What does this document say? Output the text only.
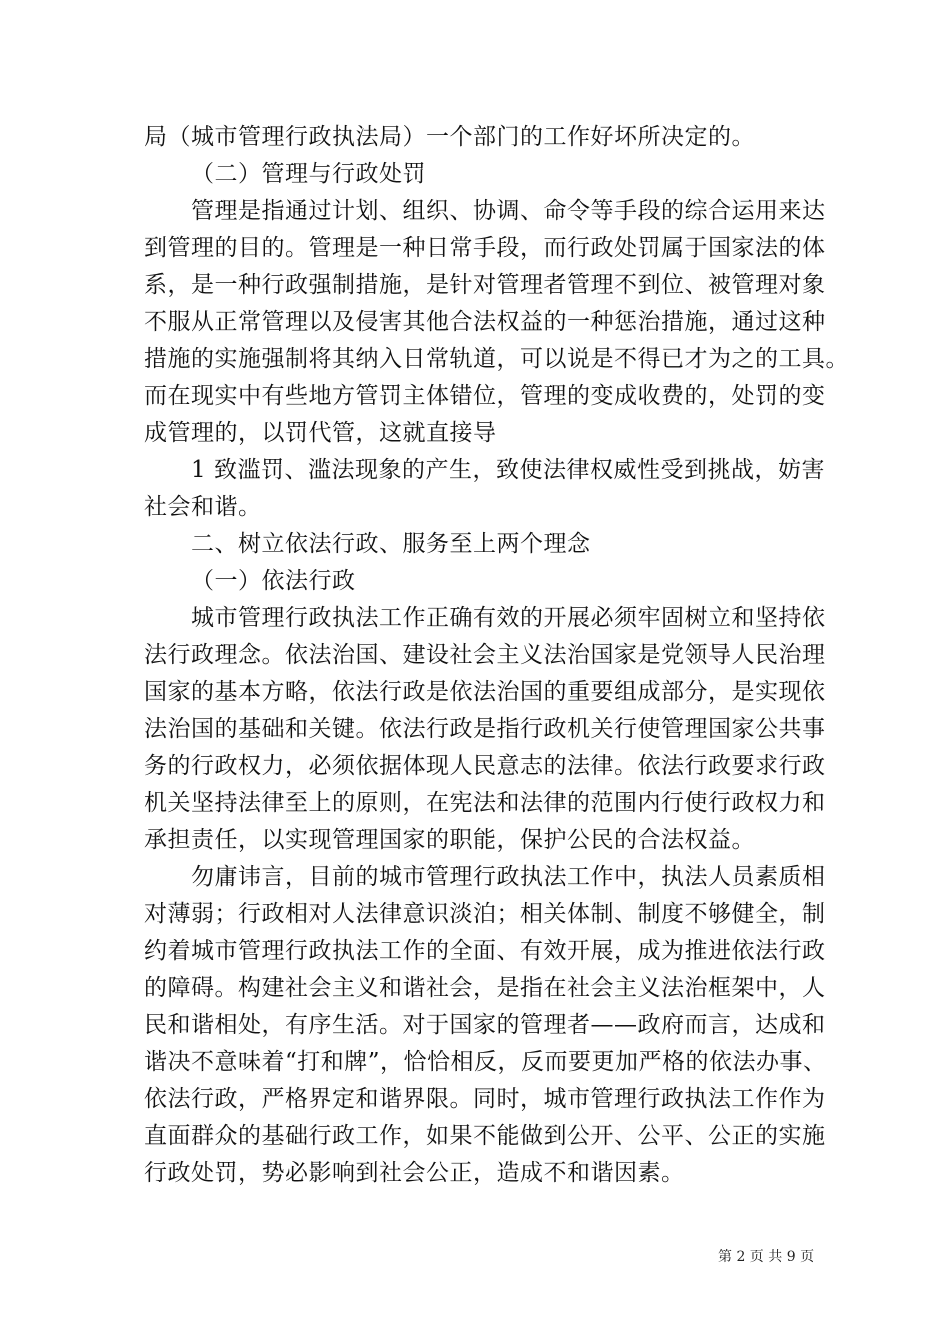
局（城市管理行政执法局）一个部门的工作好坏所决定的。
（二）管理与行政处罚
管理是指通过计划、组织、协调、命令等手段的综合运用来达
到管理的目的。管理是一种日常手段，而行政处罚属于国家法的体
系，是一种行政强制措施，是针对管理者管理不到位、被管理对象
不服从正常管理以及侵害其他合法权益的一种惩治措施，通过这种
措施的实施强制将其纳入日常轨道，可以说是不得已才为之的工具。
而在现实中有些地方管罚主体错位，管理的变成收费的，处罚的变
成管理的，以罚代管，这就直接导
1 致滥罚、滥法现象的产生，致使法律权威性受到挑战，妨害
社会和谐。
二、树立依法行政、服务至上两个理念
（一）依法行政
城市管理行政执法工作正确有效的开展必须牢固树立和坚持依
法行政理念。依法治国、建设社会主义法治国家是党领导人民治理
国家的基本方略，依法行政是依法治国的重要组成部分，是实现依
法治国的基础和关键。依法行政是指行政机关行使管理国家公共事
务的行政权力，必须依据体现人民意志的法律。依法行政要求行政
机关坚持法律至上的原则，在宪法和法律的范围内行使行政权力和
承担责任，以实现管理国家的职能，保护公民的合法权益。
勿庸讳言，目前的城市管理行政执法工作中，执法人员素质相
对薄弱；行政相对人法律意识淡泊；相关体制、制度不够健全，制
约着城市管理行政执法工作的全面、有效开展，成为推进依法行政
的障碍。构建社会主义和谐社会，是指在社会主义法治框架中，人
民和谐相处，有序生活。对于国家的管理者——政府而言，达成和
谐决不意味着“打和牌”，恰恰相反，反而要更加严格的依法办事、
依法行政，严格界定和谐界限。同时，城市管理行政执法工作作为
直面群众的基础行政工作，如果不能做到公开、公平、公正的实施
行政处罚，势必影响到社会公正，造成不和谐因素。
第 2 页 共 9 页
